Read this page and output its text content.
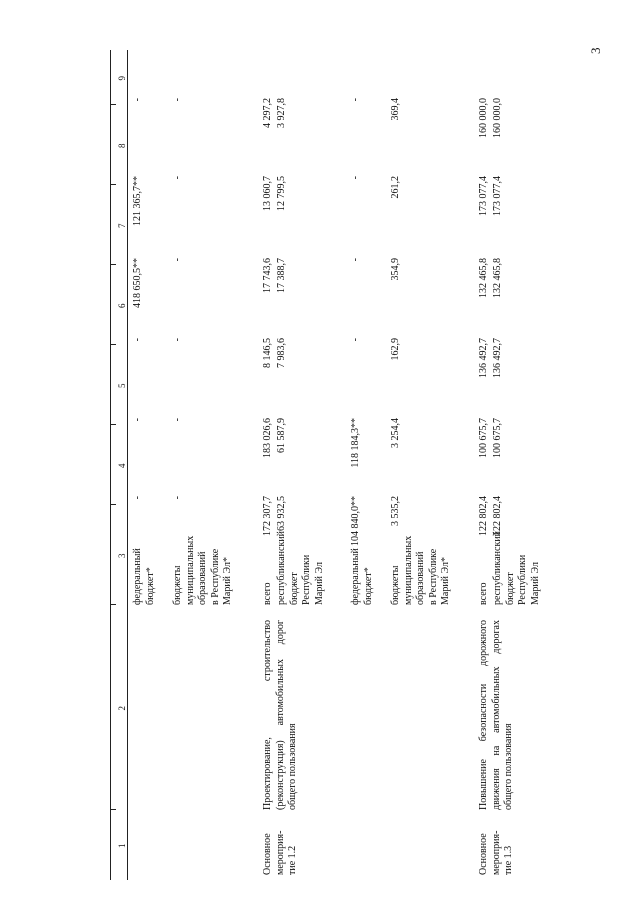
3
1
2
3
4
5
6
7
8
9
федеральный
бюджет* бюджеты
муниципальных
образований
в Республике
Марий Эл*
-
-
-
418 650,5**
121 365,7**
-
-
-
-
-
-
-
Основное
мероприя-
тие 1.2
Проектирование, строительство (реконструкция) автомобильных дорог общего пользования
всего республиканский
бюджет
Республики
Марий Эл	федеральный
бюджет* бюджеты
муниципальных
образований
в Республике
Марий Эл*
172 307,7
183 026,6
8 146,5
17 743,6
13 060,7
4 297,2
63 932,5
61 587,9
7 983,6
17 388,7
12 799,5
3 927,8
104 840,0**
118 184,3**
-
-
-
-
3 535,2
3 254,4
162,9
354,9
261,2
369,4
Основное
мероприя-
тие 1.3
Повышение безопасности дорожного движения на автомобильных дорогах общего пользования
всего республиканский
бюджет
Республики
Марий Эл
122 802,4
100 675,7
136 492,7
132 465,8
173 077,4
160 000,0
122 802,4
100 675,7
136 492,7
132 465,8
173 077,4
160 000,0
